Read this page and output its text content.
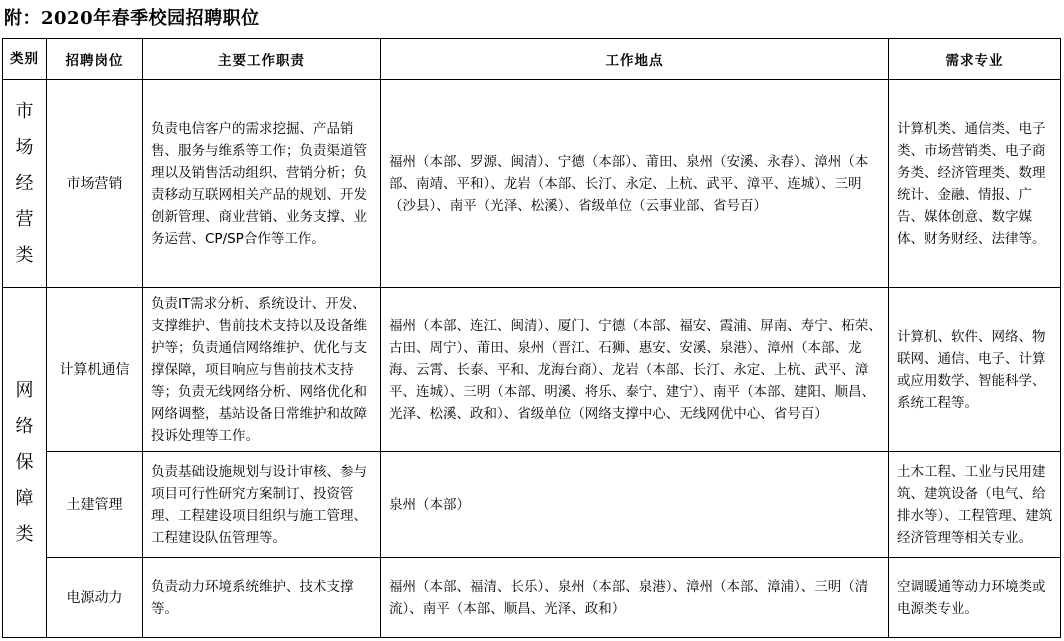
附：2020年春季校园招聘职位
类别	招聘岗位	主要工作职责	工作地点	需求专业

市场经营类	市场营销	负责电信客户的需求挖掘、产品销售、服务与维系等工作；负责渠道管理以及销售活动组织、营销分析；负责移动互联网相关产品的规划、开发创新管理、商业营销、业务支撑、业务运营、CP/SP合作等工作。	福州（本部、罗源、闽清）、宁德（本部）、莆田、泉州（安溪、永春）、漳州（本部、南靖、平和）、龙岩（本部、长汀、永定、上杭、武平、漳平、连城）、三明（沙县）、南平（光泽、松溪）、省级单位（云事业部、省号百）	计算机类、通信类、电子类、市场营销类、电子商务类、经济管理类、数理统计、金融、情报、广告、媒体创意、数字媒体、财务财经、法律等。

网络保障类	计算机通信	负责IT需求分析、系统设计、开发、支撑维护、售前技术支持以及设备维护等；负责通信网络维护、优化与支撑保障，项目响应与售前技术支持等；负责无线网络分析、网络优化和网络调整，基站设备日常维护和故障投诉处理等工作。	福州（本部、连江、闽清）、厦门、宁德（本部、福安、霞浦、屏南、寿宁、柘荣、古田、周宁）、莆田、泉州（晋江、石狮、惠安、安溪、泉港）、漳州（本部、龙海、云霄、长泰、平和、龙海台商）、龙岩（本部、长汀、永定、上杭、武平、漳平、连城）、三明（本部、明溪、将乐、泰宁、建宁）、南平（本部、建阳、顺昌、光泽、松溪、政和）、省级单位（网络支撑中心、无线网优中心、省号百）	计算机、软件、网络、物联网、通信、电子、计算或应用数学、智能科学、系统工程等。
	土建管理	负责基础设施规划与设计审核、参与项目可行性研究方案制订、投资管理、工程建设项目组织与施工管理、工程建设队伍管理等。	泉州（本部）	土木工程、工业与民用建筑、建筑设备（电气、给排水等）、工程管理、建筑经济管理等相关专业。
	电源动力	负责动力环境系统维护、技术支撑等。	福州（本部、福清、长乐）、泉州（本部、泉港）、漳州（本部、漳浦）、三明（清流）、南平（本部、顺昌、光泽、政和）	空调暖通等动力环境类或电源类专业。
